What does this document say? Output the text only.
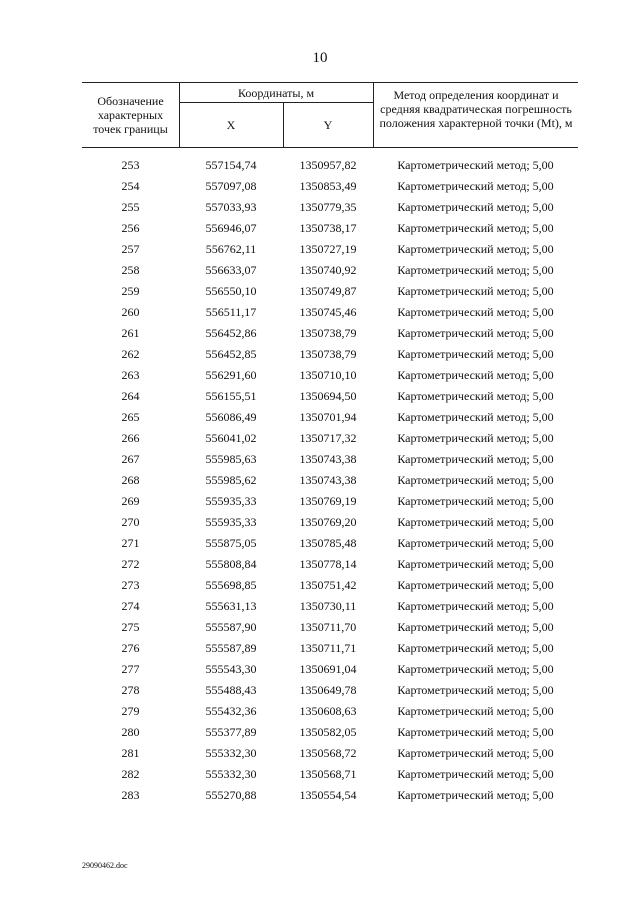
10
Обозначение характерных точек границы
Координаты, м
X	Y
Метод определения координат и средняя квадратическая погрешность положения характерной точки (Mt), м
253	557154,74	1350957,82	Картометрический метод; 5,00
254	557097,08	1350853,49	Картометрический метод; 5,00
255	557033,93	1350779,35	Картометрический метод; 5,00
256	556946,07	1350738,17	Картометрический метод; 5,00
257	556762,11	1350727,19	Картометрический метод; 5,00
258	556633,07	1350740,92	Картометрический метод; 5,00
259	556550,10	1350749,87	Картометрический метод; 5,00
260	556511,17	1350745,46	Картометрический метод; 5,00
261	556452,86	1350738,79	Картометрический метод; 5,00
262	556452,85	1350738,79	Картометрический метод; 5,00
263	556291,60	1350710,10	Картометрический метод; 5,00
264	556155,51	1350694,50	Картометрический метод; 5,00
265	556086,49	1350701,94	Картометрический метод; 5,00
266	556041,02	1350717,32	Картометрический метод; 5,00
267	555985,63	1350743,38	Картометрический метод; 5,00
268	555985,62	1350743,38	Картометрический метод; 5,00
269	555935,33	1350769,19	Картометрический метод; 5,00
270	555935,33	1350769,20	Картометрический метод; 5,00
271	555875,05	1350785,48	Картометрический метод; 5,00
272	555808,84	1350778,14	Картометрический метод; 5,00
273	555698,85	1350751,42	Картометрический метод; 5,00
274	555631,13	1350730,11	Картометрический метод; 5,00
275	555587,90	1350711,70	Картометрический метод; 5,00
276	555587,89	1350711,71	Картометрический метод; 5,00
277	555543,30	1350691,04	Картометрический метод; 5,00
278	555488,43	1350649,78	Картометрический метод; 5,00
279	555432,36	1350608,63	Картометрический метод; 5,00
280	555377,89	1350582,05	Картометрический метод; 5,00
281	555332,30	1350568,72	Картометрический метод; 5,00
282	555332,30	1350568,71	Картометрический метод; 5,00
283	555270,88	1350554,54	Картометрический метод; 5,00
29090462.doc
